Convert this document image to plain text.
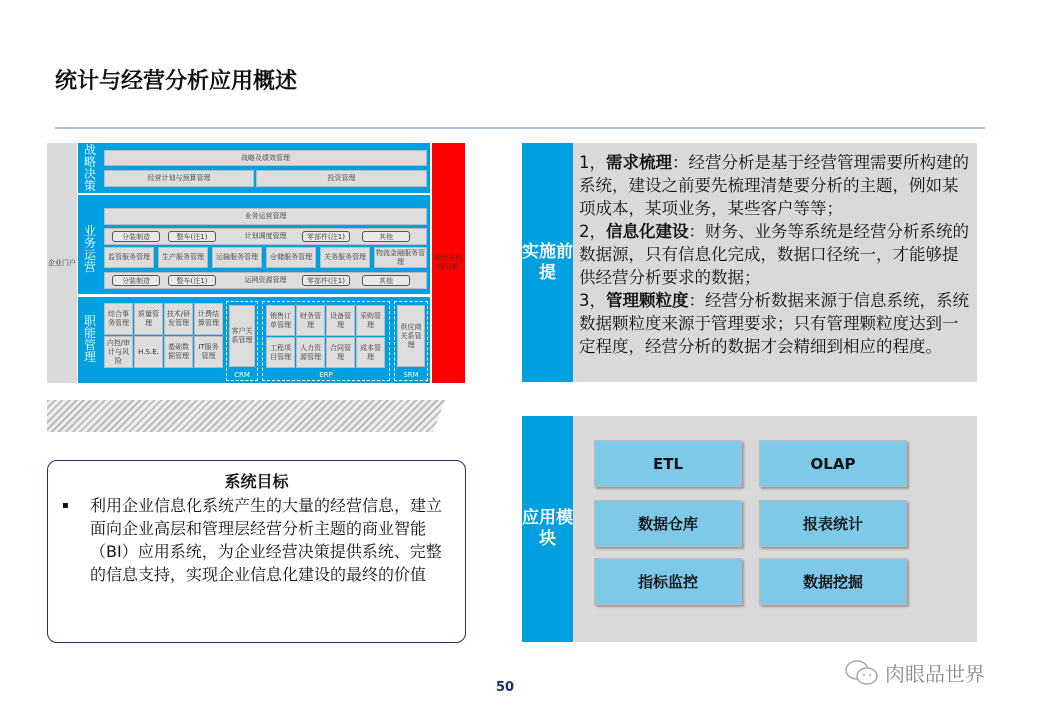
统计与经营分析应用概述
企业门户
战略决策
战略及绩效管理
经营计划与预算管理	投资管理
业务运营
业务运营管理
计划调度管理
分装制造	整车(注1)	零部件(注1)	其他
监管服务管理	生产服务管理	运输服务管理	仓储服务管理	关务服务管理
物流金融服务管理
运网资源管理
分装制造	整车(注1)	零部件(注1)	其他
职能管理
综合事务管理
质量管理
技术/研发管理
计费结算管理
内控/审计与风险
H.S.E.
基础数据管理
IT服务管理
CRM
客户关系管理
ERP
销售订单管理
财务管理
设备管理
采购管理
工程项目管理
人力资源管理
合同管理
成本管理
SRM
供应商关系管理
统计与经营分析
系统目标
▪	利用企业信息化系统产生的大量的经营信息，建立面向企业高层和管理层经营分析主题的商业智能（BI）应用系统，为企业经营决策提供系统、完整的信息支持，实现企业信息化建设的最终的价值
实施前提
1，需求梳理：经营分析是基于经营管理需要所构建的系统，建设之前要先梳理清楚要分析的主题，例如某项成本，某项业务，某些客户等等；
2，信息化建设：财务、业务等系统是经营分析系统的数据源，只有信息化完成，数据口径统一，才能够提供经营分析要求的数据；
3，管理颗粒度：经营分析数据来源于信息系统，系统数据颗粒度来源于管理要求；只有管理颗粒度达到一定程度，经营分析的数据才会精细到相应的程度。
应用模块
ETL	OLAP
数据仓库	报表统计
指标监控	数据挖掘
50
肉眼品世界
